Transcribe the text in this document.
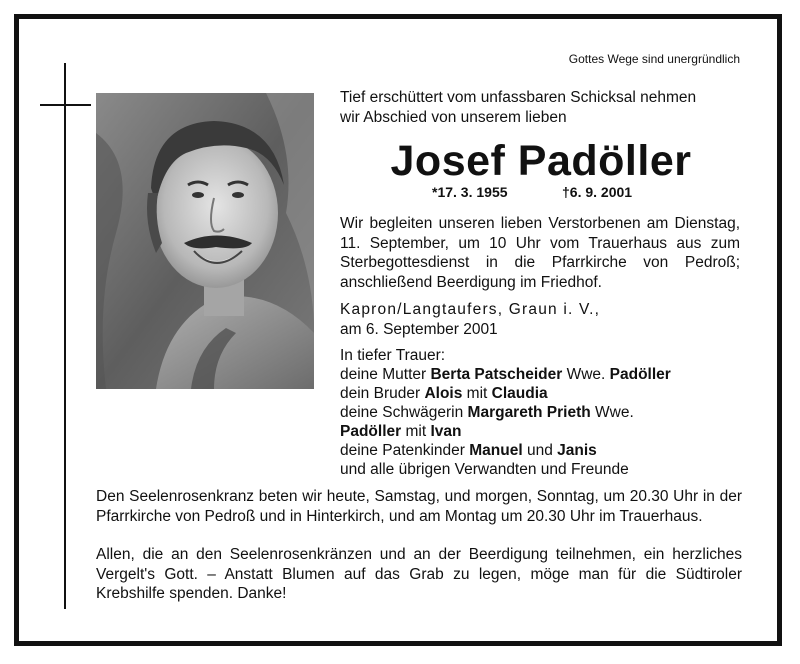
Gottes Wege sind unergründlich
Tief erschüttert vom unfassbaren Schicksal nehmen
wir Abschied von unserem lieben
Josef Padöller
*17. 3. 1955	†6. 9. 2001
Wir begleiten unseren lieben Verstorbenen am Dienstag, 11. September, um 10 Uhr vom Trauerhaus aus zum Sterbegottesdienst in die Pfarrkirche von Pedroß; anschließend Beerdigung im Friedhof.
Kapron/Langtaufers, Graun i. V.,
am 6. September 2001
In tiefer Trauer:
deine Mutter Berta Patscheider Wwe. Padöller
dein Bruder Alois mit Claudia
deine Schwägerin Margareth Prieth Wwe.
Padöller mit Ivan
deine Patenkinder Manuel und Janis
und alle übrigen Verwandten und Freunde
Den Seelenrosenkranz beten wir heute, Samstag, und morgen, Sonntag, um 20.30 Uhr in der Pfarrkirche von Pedroß und in Hinterkirch, und am Montag um 20.30 Uhr im Trauerhaus.
Allen, die an den Seelenrosenkränzen und an der Beerdigung teilnehmen, ein herzliches Vergelt's Gott. – Anstatt Blumen auf das Grab zu legen, möge man für die Südtiroler Krebshilfe spenden. Danke!
